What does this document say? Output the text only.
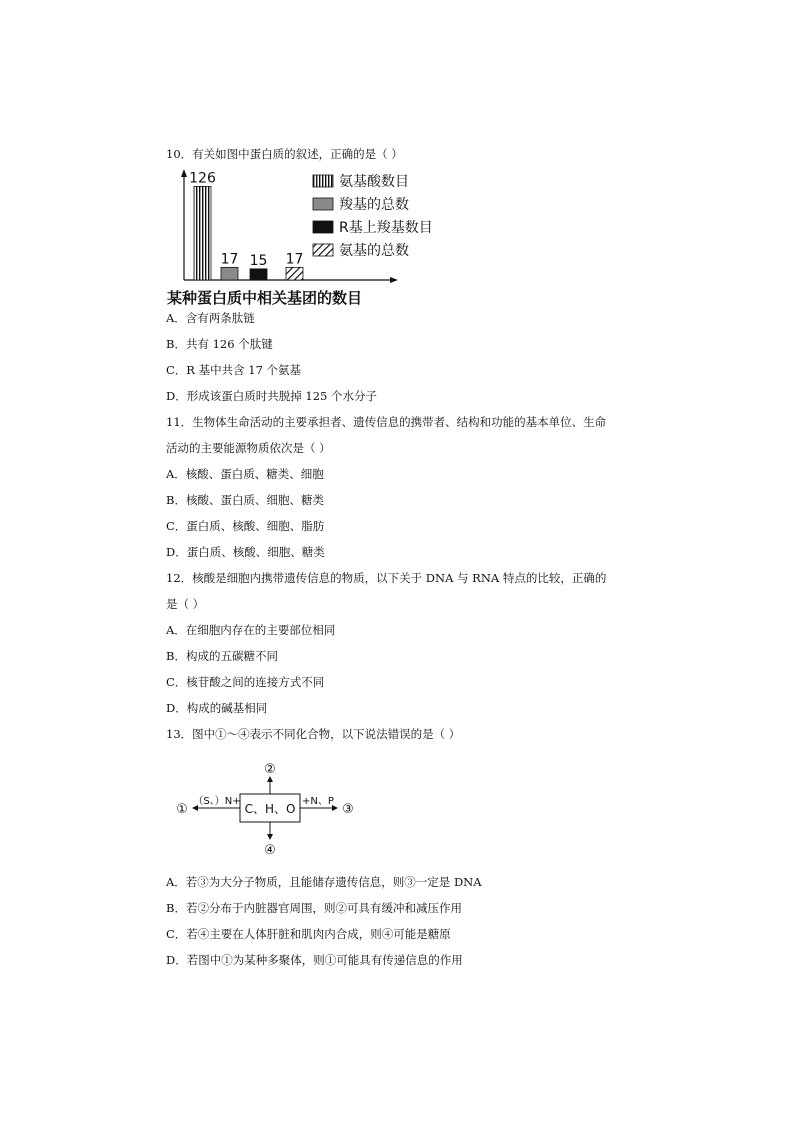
10．有关如图中蛋白质的叙述，正确的是（ ）
126
17 15 17
氨基酸数目
羧基的总数
R基上羧基数目
氨基的总数
某种蛋白质中相关基团的数目
A．含有两条肽链
B．共有 126 个肽键
C．R 基中共含 17 个氨基
D．形成该蛋白质时共脱掉 125 个水分子
11．生物体生命活动的主要承担者、遗传信息的携带者、结构和功能的基本单位、生命
活动的主要能源物质依次是（ ）
A．核酸、蛋白质、糖类、细胞
B．核酸、蛋白质、细胞、糖类
C．蛋白质、核酸、细胞、脂肪
D．蛋白质、核酸、细胞、糖类
12．核酸是细胞内携带遗传信息的物质，以下关于 DNA 与 RNA 特点的比较，正确的
是（ ）
A．在细胞内存在的主要部位相同
B．构成的五碳糖不同
C．核苷酸之间的连接方式不同
D．构成的碱基相同
13．图中①～④表示不同化合物，以下说法错误的是（ ）
C、H、O
②
④
（S、）N+
①
+N、P
③
A．若③为大分子物质，且能储存遗传信息，则③一定是 DNA
B．若②分布于内脏器官周围，则②可具有缓冲和减压作用
C．若④主要在人体肝脏和肌肉内合成，则④可能是糖原
D．若图中①为某种多聚体，则①可能具有传递信息的作用
